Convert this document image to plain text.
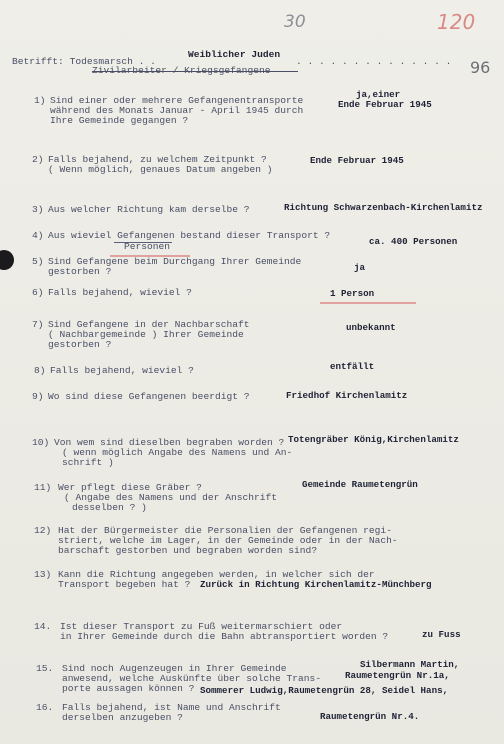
30	120
96
Betrifft: Todesmarsch . .
Weiblicher Juden
. . . . . . . . . . . . . .
Zivilarbeiter / Kriegsgefangene
1) Sind einer oder mehrere Gefangenentransporte
während des Monats Januar - April 1945 durch
Ihre Gemeinde gegangen ?
ja,einer
Ende Februar 1945
2) Falls bejahend, zu welchem Zeitpunkt ?
( Wenn möglich, genaues Datum angeben )
Ende Februar 1945
3) Aus welcher Richtung kam derselbe ?	Richtung Schwarzenbach-Kirchenlamitz
4) Aus wieviel Gefangenen bestand dieser Transport ?
Personen	ca. 400 Personen
5) Sind Gefangene beim Durchgang Ihrer Gemeinde
gestorben ?	ja
6) Falls bejahend, wieviel ?	1 Person
7) Sind Gefangene in der Nachbarschaft
( Nachbargemeinde ) Ihrer Gemeinde
gestorben ?
unbekannt
8) Falls bejahend, wieviel ?	entfällt
9) Wo sind diese Gefangenen beerdigt ?	Friedhof Kirchenlamitz
10) Von wem sind dieselben begraben worden ?
( wenn möglich Angabe des Namens und An-
schrift )
Totengräber König,Kirchenlamitz
11) Wer pflegt diese Gräber ?
( Angabe des Namens und der Anschrift
desselben ? )
Gemeinde Raumetengrün
12) Hat der Bürgermeister die Personalien der Gefangenen regi-
striert, welche im Lager, in der Gemeinde oder in der Nach-
barschaft gestorben und begraben worden sind?
13) Kann die Richtung angegeben werden, in welcher sich der
Transport begeben hat ? Zurück in Richtung Kirchenlamitz-Münchberg
14. Ist dieser Transport zu Fuß weitermarschiert oder
in Ihrer Gemeinde durch die Bahn abtransportiert worden ?	zu Fuss
15. Sind noch Augenzeugen in Ihrer Gemeinde
anwesend, welche Auskünfte über solche Trans-
porte aussagen können ?
Silbermann Martin,
Raumetengrün Nr.1a,
Sommerer Ludwig,Raumetengrün 28, Seidel Hans,
16. Falls bejahend, ist Name und Anschrift
derselben anzugeben ?	Raumetengrün Nr.4.
